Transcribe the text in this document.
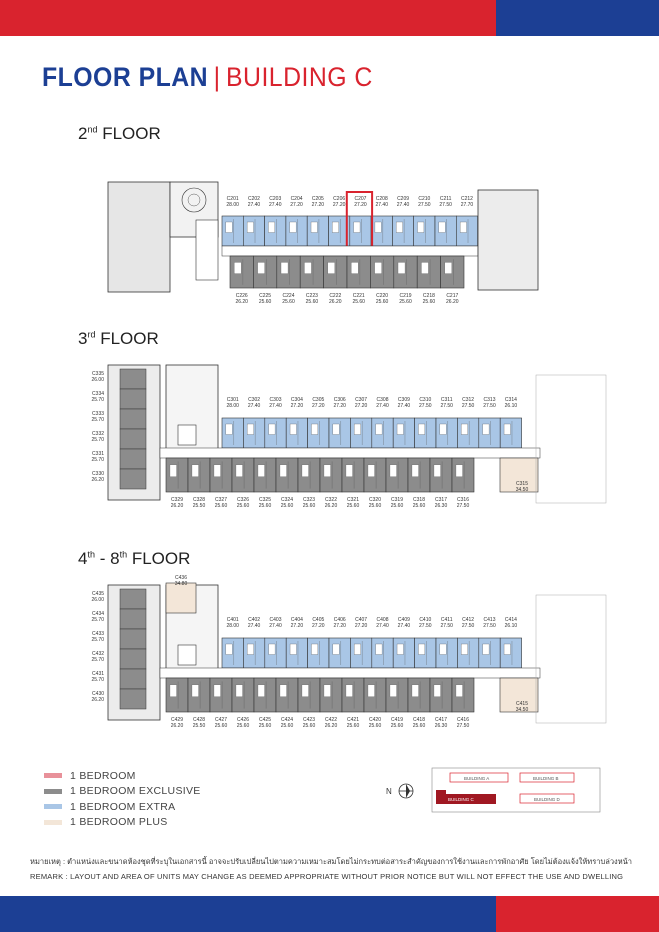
FLOOR PLAN | BUILDING C
2nd FLOOR
3rd FLOOR
4th - 8th FLOOR
C201
28.00
C202
27.40
C203
27.40
C204
27.20
C205
27.20
C206
27.20
C207
27.20
C208
27.40
C209
27.40
C210
27.50
C211
27.50
C212
27.70
C226
26.20
C225
25.60
C224
25.60
C223
25.60
C222
26.20
C221
25.60
C220
25.60
C219
25.60
C218
25.60
C217
26.20
C335
26.00
C334
25.70
C333
25.70
C332
25.70
C331
25.70
C330
26.20
C301
28.00
C302
27.40
C303
27.40
C304
27.20
C305
27.20
C306
27.20
C307
27.20
C308
27.40
C309
27.40
C310
27.50
C311
27.50
C312
27.50
C313
27.50
C314
26.10
C329
26.20
C328
25.50
C327
25.60
C326
25.60
C325
25.60
C324
25.60
C323
25.60
C322
26.20
C321
25.60
C320
25.60
C319
25.60
C318
25.60
C317
26.30
C316
27.50
C315
34.50
C435
26.00
C434
25.70
C433
25.70
C432
25.70
C431
25.70
C430
26.20
C401
28.00
C402
27.40
C403
27.40
C404
27.20
C405
27.20
C406
27.20
C407
27.20
C408
27.40
C409
27.40
C410
27.50
C411
27.50
C412
27.50
C413
27.50
C414
26.10
C429
26.20
C428
25.50
C427
25.60
C426
25.60
C425
25.60
C424
25.60
C423
25.60
C422
26.20
C421
25.60
C420
25.60
C419
25.60
C418
25.60
C417
26.30
C416
27.50
C415
34.50
C436
34.80
1 BEDROOM
1 BEDROOM EXCLUSIVE
1 BEDROOM EXTRA
1 BEDROOM PLUS
N
BUILDING A	BUILDING B
BUILDING C	BUILDING D
หมายเหตุ : ตำแหน่งและขนาดห้องชุดที่ระบุในเอกสารนี้ อาจจะปรับเปลี่ยนไปตามความเหมาะสมโดยไม่กระทบต่อสาระสำคัญของการใช้งานและการพักอาศัย โดยไม่ต้องแจ้งให้ทราบล่วงหน้า
REMARK : LAYOUT AND AREA OF UNITS MAY CHANGE AS DEEMED APPROPRIATE WITHOUT PRIOR NOTICE BUT WILL NOT EFFECT THE USE AND DWELLING
